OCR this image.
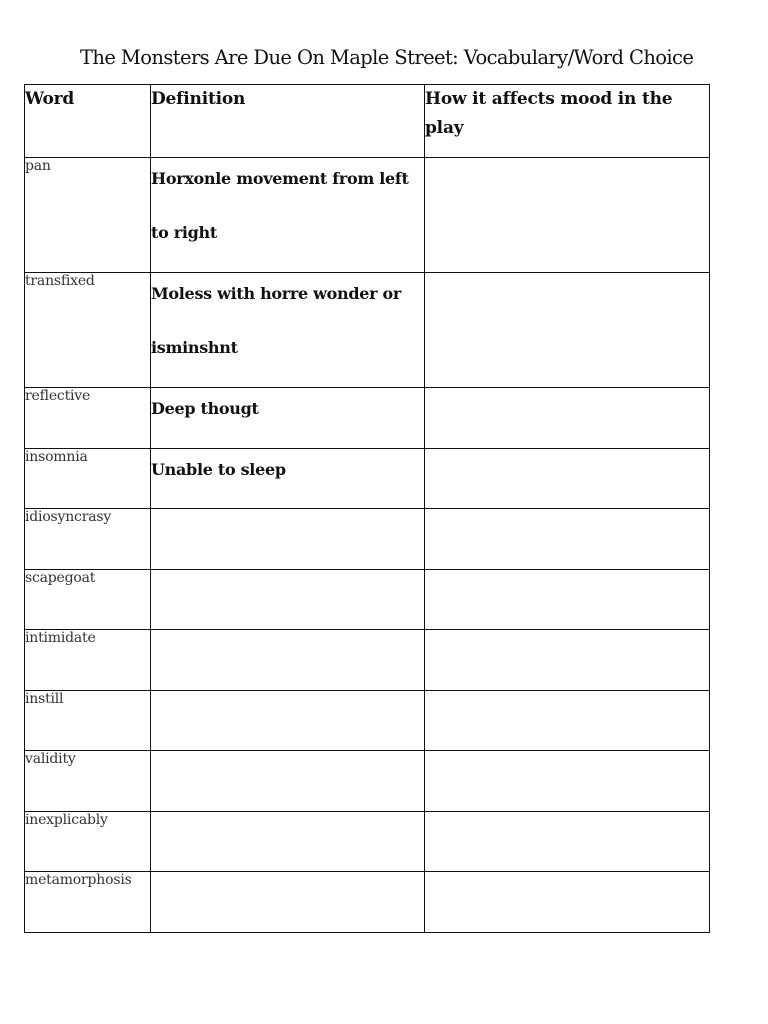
The Monsters Are Due On Maple Street: Vocabulary/Word Choice
Word	Definition	How it affects mood in the play
pan	Horxonle movement from left to right	

transfixed	Moless with horre wonder or isminshnt	

reflective	Deep thougt	

insomnia	Unable to sleep	

idiosyncrasy		
scapegoat		
intimidate		
instill		
validity		
inexplicably		
metamorphosis		
